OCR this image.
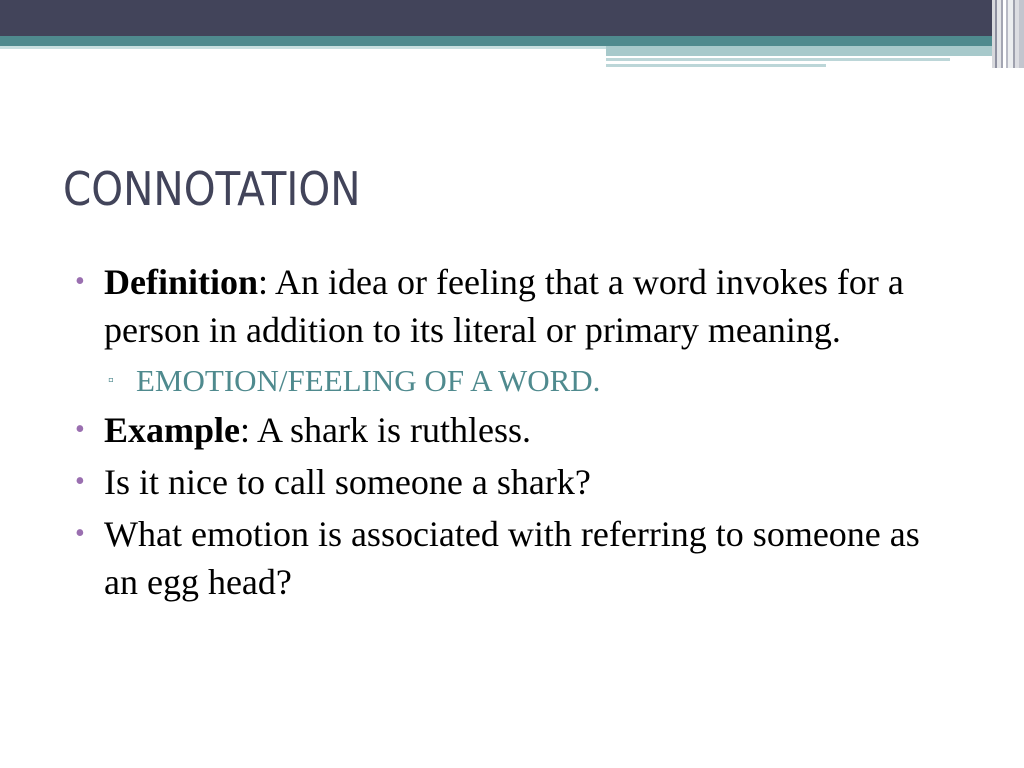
CONNOTATION
• Definition: An idea or feeling that a word invokes for a person in addition to its literal or primary meaning.
▫ EMOTION/FEELING OF A WORD.
• Example: A shark is ruthless.
• Is it nice to call someone a shark?
• What emotion is associated with referring to someone as an egg head?
